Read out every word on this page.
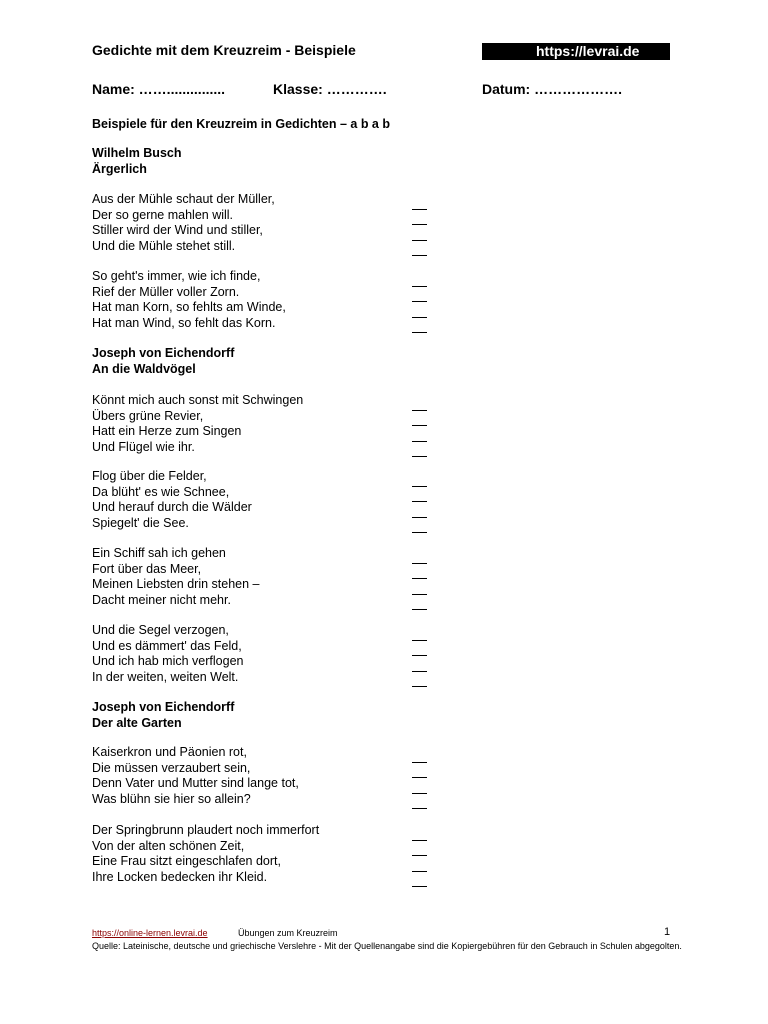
Gedichte mit dem Kreuzreim - Beispiele	https://levrai.de
Name: ……...............	Klasse: ………….	Datum: ……………….
Beispiele für den Kreuzreim in Gedichten – a b a b
Wilhelm Busch
Ärgerlich
Aus der Mühle schaut der Müller,
Der so gerne mahlen will.
Stiller wird der Wind und stiller,
Und die Mühle stehet still.
So geht's immer, wie ich finde,
Rief der Müller voller Zorn.
Hat man Korn, so fehlts am Winde,
Hat man Wind, so fehlt das Korn.
Joseph von Eichendorff
An die Waldvögel
Könnt mich auch sonst mit Schwingen
Übers grüne Revier,
Hatt ein Herze zum Singen
Und Flügel wie ihr.
Flog über die Felder,
Da blüht' es wie Schnee,
Und herauf durch die Wälder
Spiegelt' die See.
Ein Schiff sah ich gehen
Fort über das Meer,
Meinen Liebsten drin stehen –
Dacht meiner nicht mehr.
Und die Segel verzogen,
Und es dämmert' das Feld,
Und ich hab mich verflogen
In der weiten, weiten Welt.
Joseph von Eichendorff
Der alte Garten
Kaiserkron und Päonien rot,
Die müssen verzaubert sein,
Denn Vater und Mutter sind lange tot,
Was blühn sie hier so allein?
Der Springbrunn plaudert noch immerfort
Von der alten schönen Zeit,
Eine Frau sitzt eingeschlafen dort,
Ihre Locken bedecken ihr Kleid.
https://online-lernen.levrai.de	Übungen zum Kreuzreim	1
Quelle: Lateinische, deutsche und griechische Verslehre - Mit der Quellenangabe sind die Kopiergebühren für den Gebrauch in Schulen abgegolten.
